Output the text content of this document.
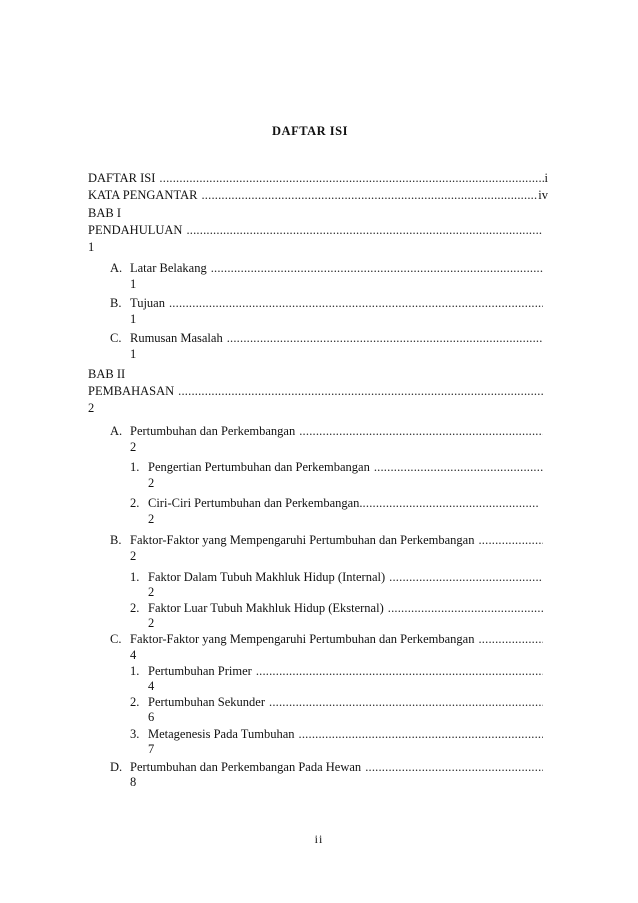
DAFTAR ISI
DAFTAR ISI .....	i
KATA PENGANTAR .....	iv
BAB I
PENDAHULUAN
.....
1
A. Latar Belakang
.....
1
B. Tujuan
.....
1
C. Rumusan Masalah
.....
1
BAB II
PEMBAHASAN
.....
2
A. Pertumbuhan dan Perkembangan
.....
2
1. Pengertian Pertumbuhan dan Perkembangan
.....
2
2. Ciri-Ciri Pertumbuhan dan Perkembangan.
.....
2
B. Faktor-Faktor yang Mempengaruhi Pertumbuhan dan Perkembangan
.....
2
1. Faktor Dalam Tubuh Makhluk Hidup (Internal)
.....
2
2. Faktor Luar Tubuh Makhluk Hidup (Eksternal)
.....
2
C. Faktor-Faktor yang Mempengaruhi Pertumbuhan dan Perkembangan
.....
4
1. Pertumbuhan Primer
.....
4
2. Pertumbuhan Sekunder
.....
6
3. Metagenesis Pada Tumbuhan
.....
7
D. Pertumbuhan dan Perkembangan Pada Hewan
.....
8
ii
